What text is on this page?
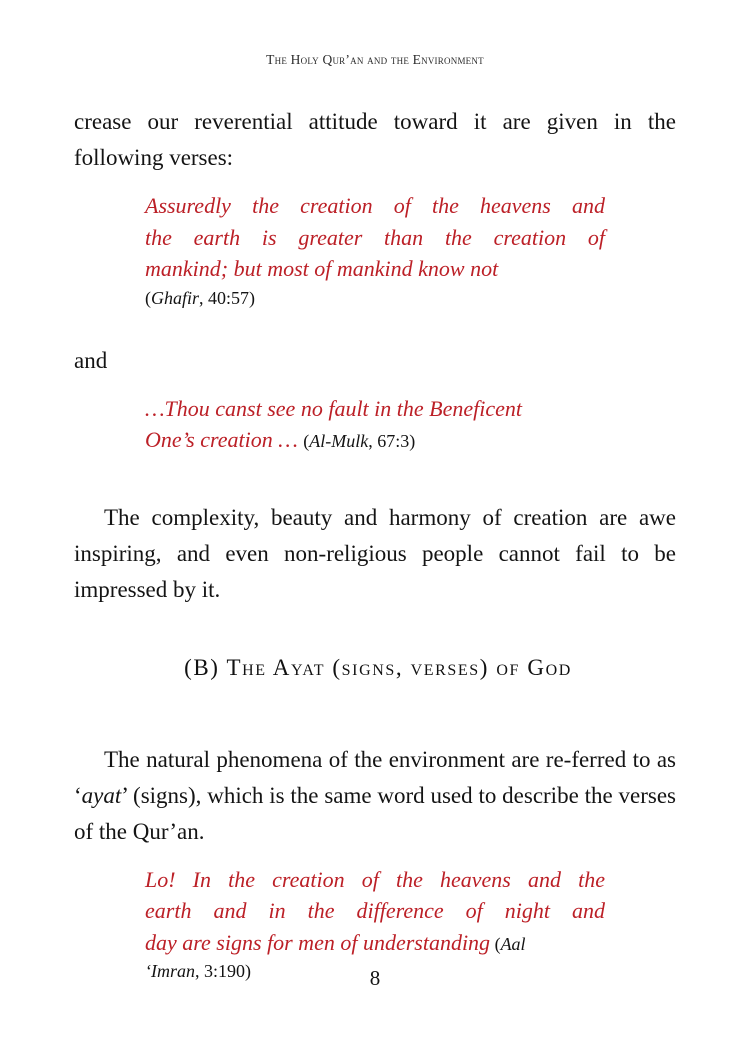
The Holy Qur’an and the Environment

crease our reverential attitude toward it are given in the following verses:

Assuredly the creation of the heavens and
the earth is greater than the creation of
mankind; but most of mankind know not
(Ghafir, 40:57)

and

…Thou canst see no fault in the Beneficent
One’s creation … (Al-Mulk, 67:3)

The complexity, beauty and harmony of creation are awe inspiring, and even non-religious people cannot fail to be impressed by it.

(B) The Ayat (signs, verses) of God

The natural phenomena of the environment are re-ferred to as ‘ayat’ (signs), which is the same word used to describe the verses of the Qur’an.

Lo! In the creation of the heavens and the
earth and in the difference of night and
day are signs for men of understanding (Aal
‘Imran, 3:190)	8
